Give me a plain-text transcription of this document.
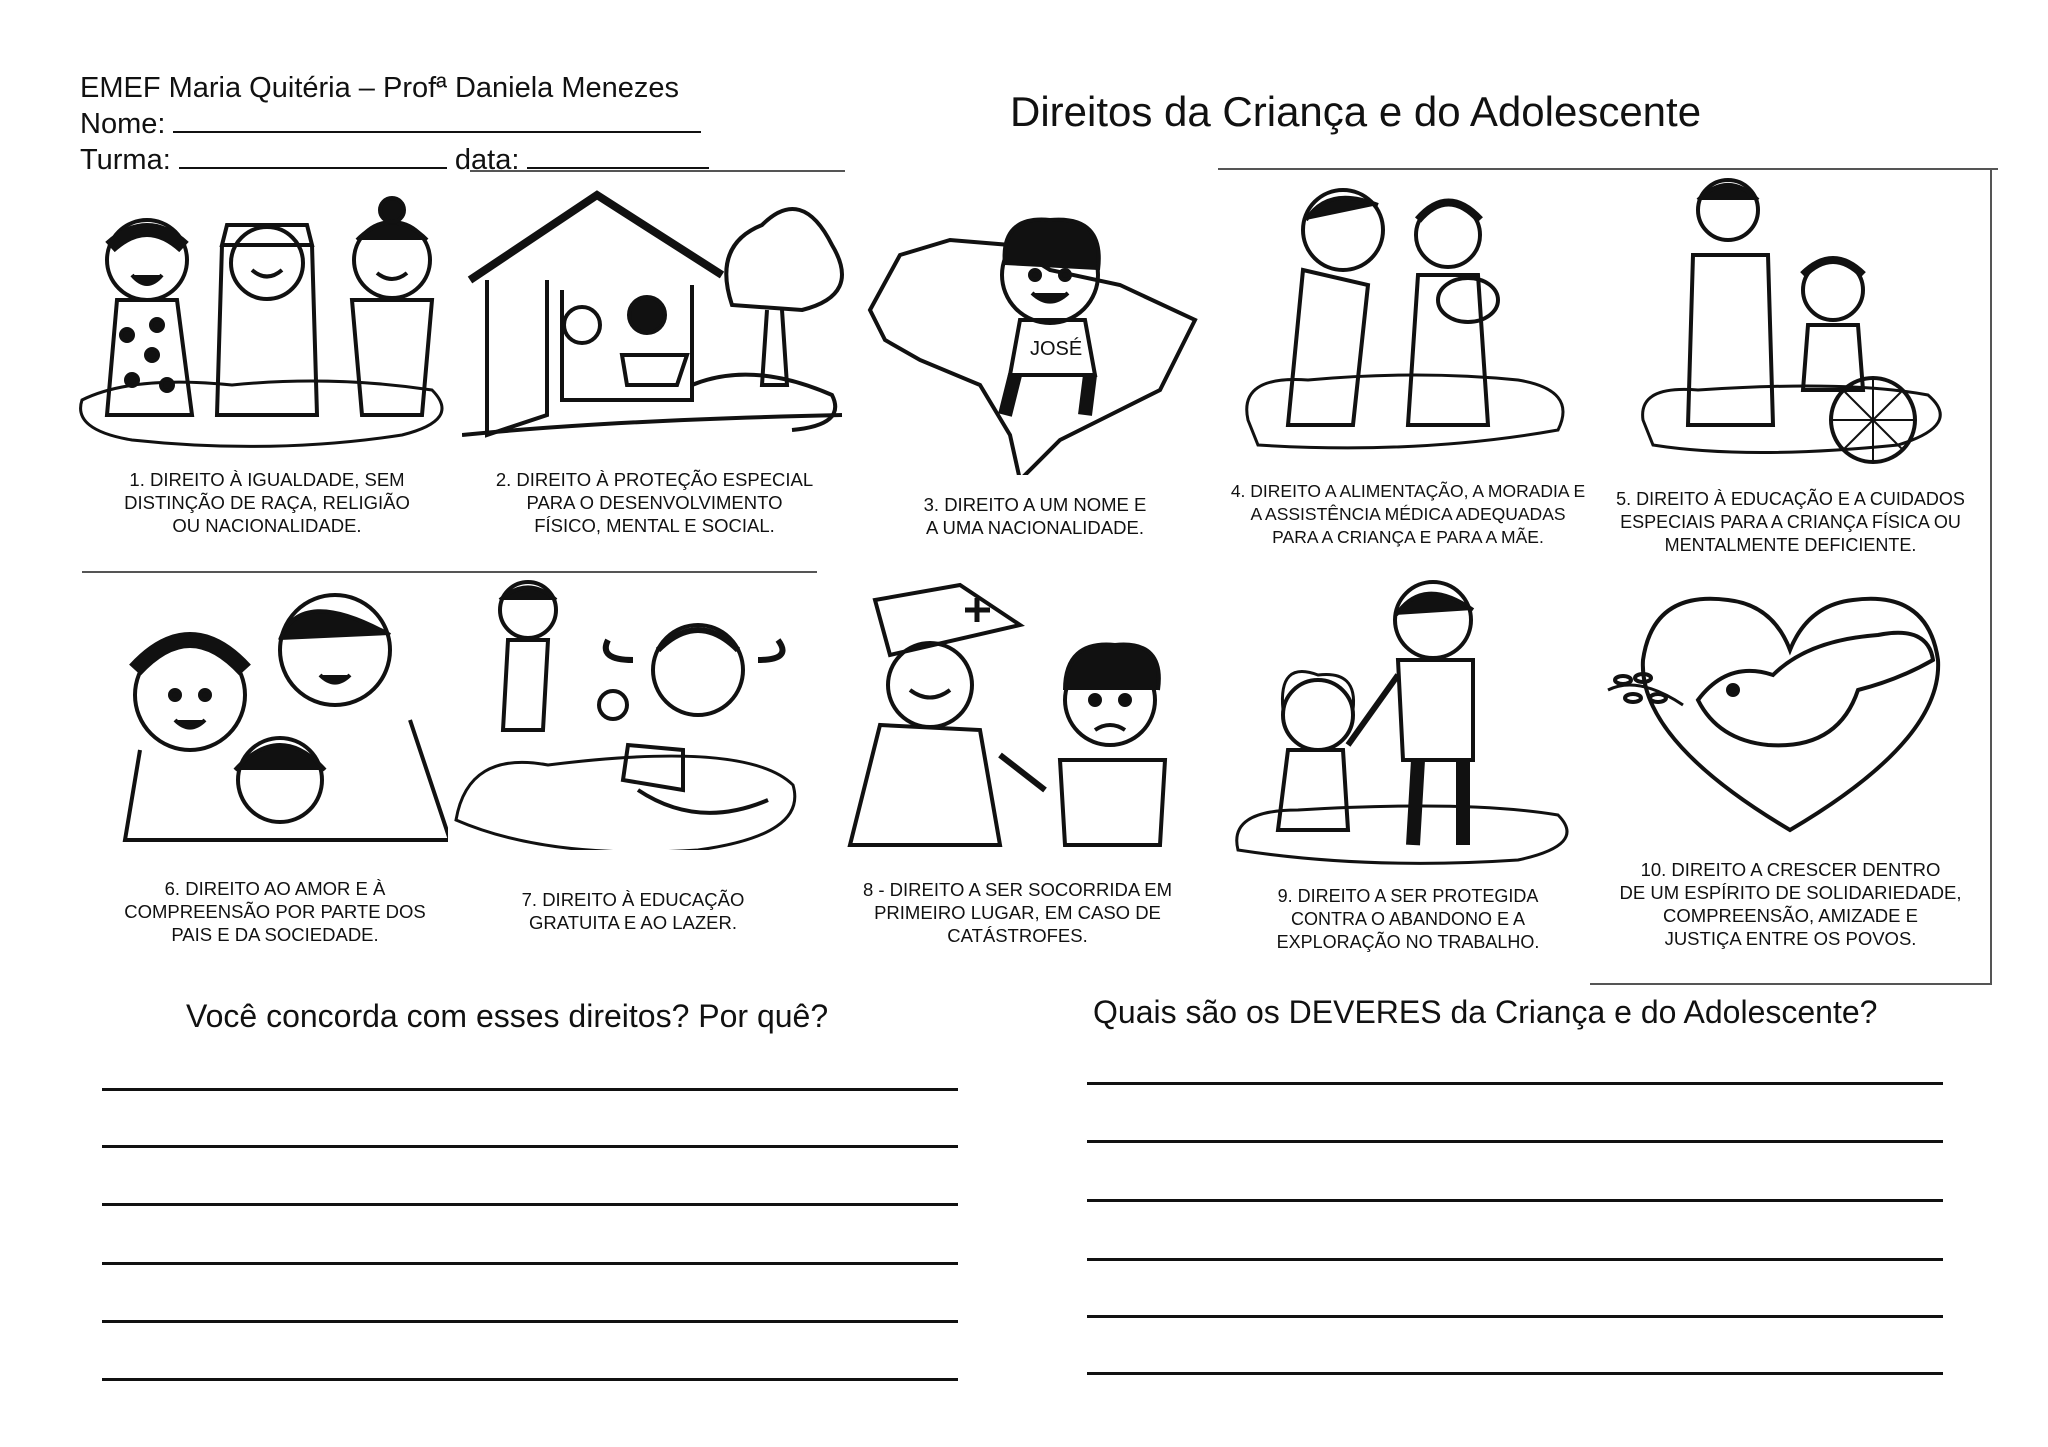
EMEF Maria Quitéria – Profª Daniela Menezes
Nome:
Turma:	data:
Direitos da Criança e do Adolescente
1. DIREITO À IGUALDADE, SEM
DISTINÇÃO DE RAÇA, RELIGIÃO
OU NACIONALIDADE.
2. DIREITO À PROTEÇÃO ESPECIAL
PARA O DESENVOLVIMENTO
FÍSICO, MENTAL E SOCIAL.
JOSÉ
3. DIREITO A UM NOME E
A UMA NACIONALIDADE.
4. DIREITO A ALIMENTAÇÃO, A MORADIA E
A ASSISTÊNCIA MÉDICA ADEQUADAS
PARA A CRIANÇA E PARA A MÃE.
5. DIREITO À EDUCAÇÃO E A CUIDADOS
ESPECIAIS PARA A CRIANÇA FÍSICA OU
MENTALMENTE DEFICIENTE.
6. DIREITO AO AMOR E À
COMPREENSÃO POR PARTE DOS
PAIS E DA SOCIEDADE.
7. DIREITO À EDUCAÇÃO
GRATUITA E AO LAZER.
8 - DIREITO A SER SOCORRIDA EM
PRIMEIRO LUGAR, EM CASO DE
CATÁSTROFES.
9. DIREITO A SER PROTEGIDA
CONTRA O ABANDONO E A
EXPLORAÇÃO NO TRABALHO.
10. DIREITO A CRESCER DENTRO
DE UM ESPÍRITO DE SOLIDARIEDADE,
COMPREENSÃO, AMIZADE E
JUSTIÇA ENTRE OS POVOS.
Você concorda com esses direitos? Por quê?	Quais são os DEVERES da Criança e do Adolescente?
